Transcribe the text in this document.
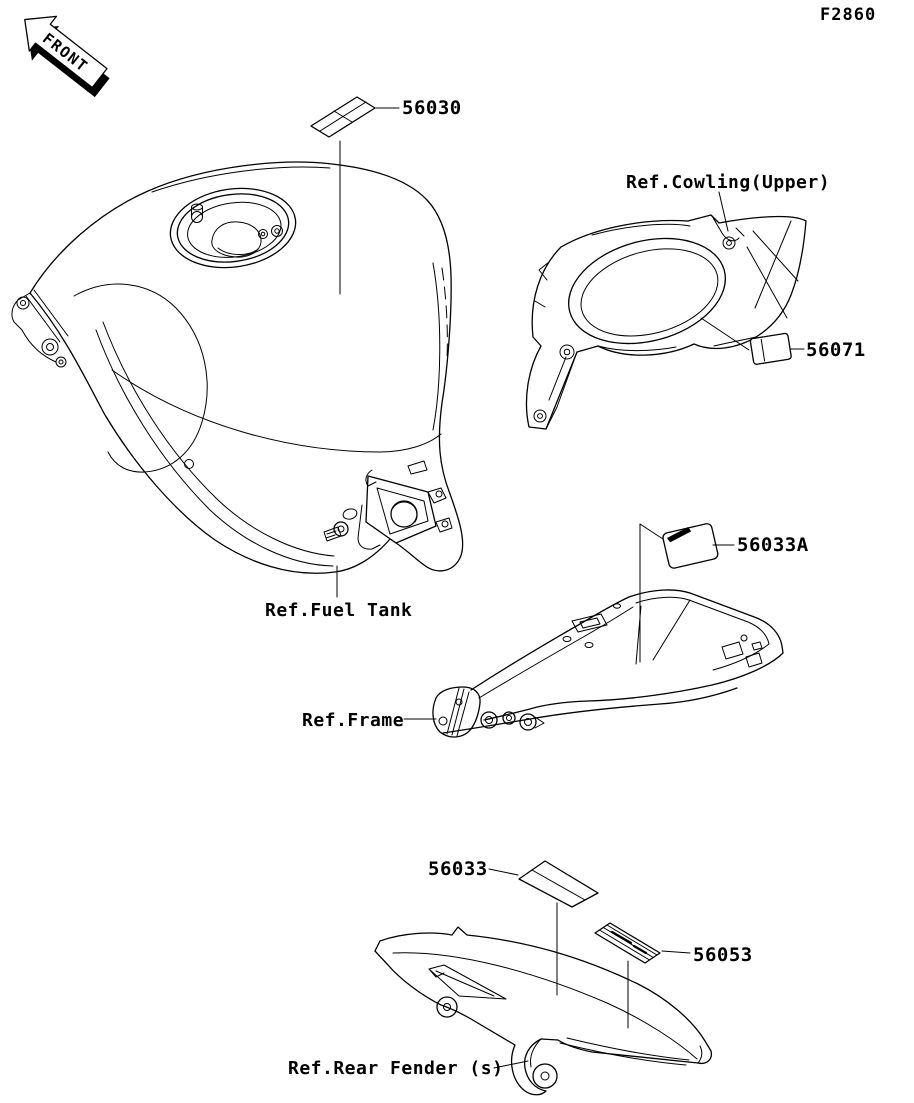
F2860
FRONT
56030
Ref.Fuel Tank
Ref.Cowling(Upper)
56071
56033A
Ref.Frame
56033
56053
Ref.Rear Fender (s)
